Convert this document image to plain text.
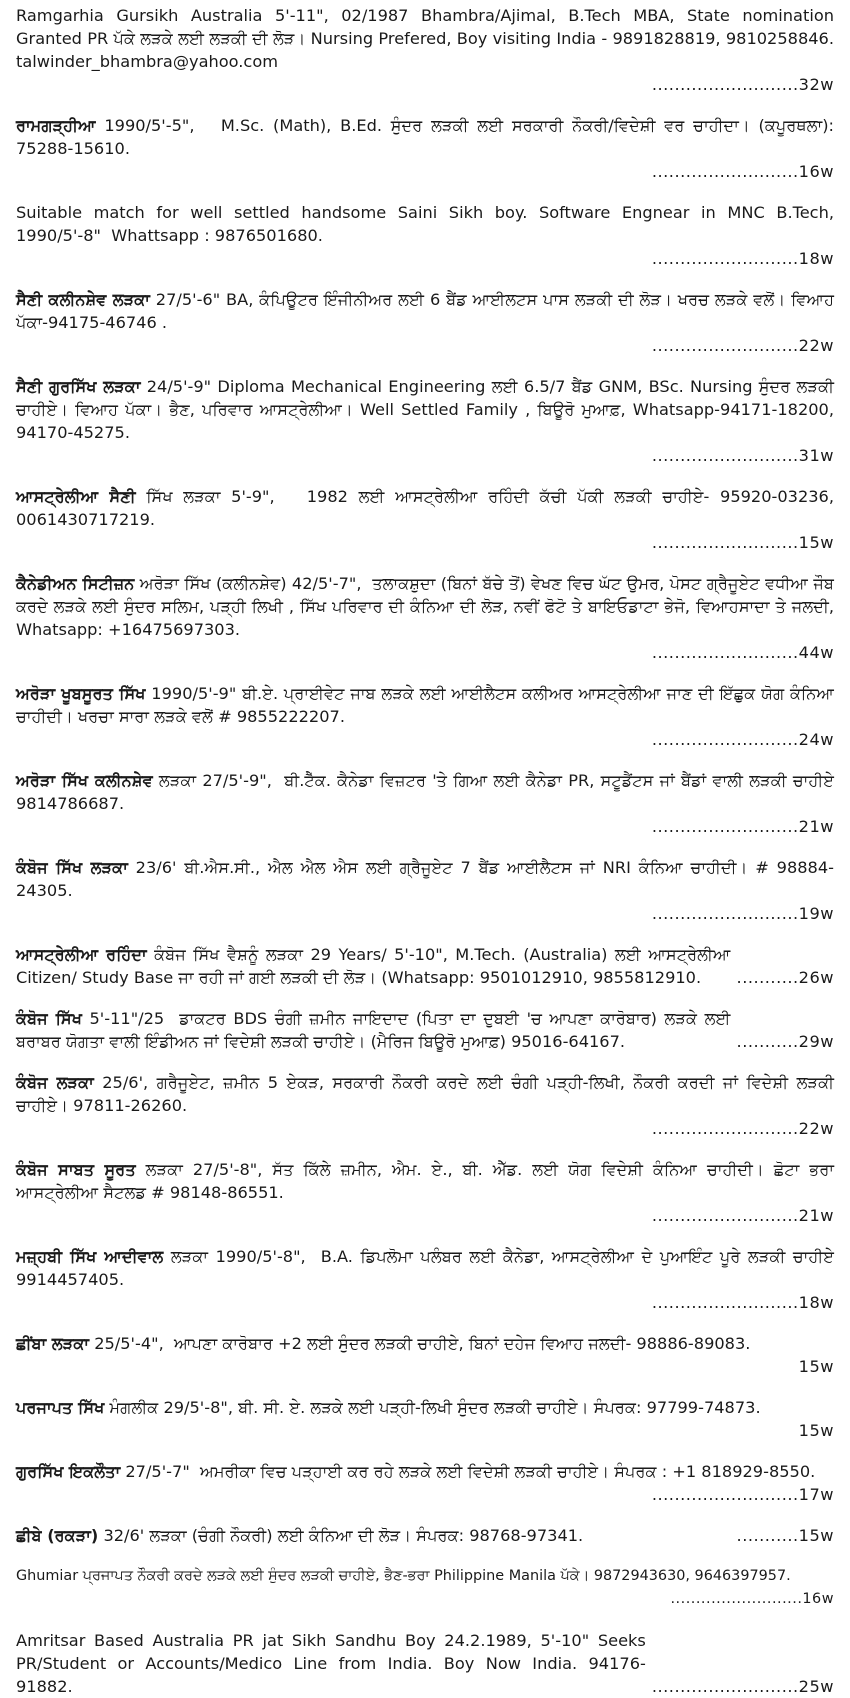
Ramgarhia Gursikh Australia 5'-11", 02/1987 Bhambra/Ajimal, B.Tech MBA, State nomination Granted PR ਪੱਕੇ ਲੜਕੇ ਲਈ ਲੜਕੀ ਦੀ ਲੋੜ। Nursing Prefered, Boy visiting India - 9891828819, 9810258846. talwinder_bhambra@yahoo.com
.......................... 32w
ਰਾਮਗੜ੍ਹੀਆ 1990/5'-5",   M.Sc. (Math), B.Ed. ਸੁੰਦਰ ਲੜਕੀ ਲਈ ਸਰਕਾਰੀ ਨੌਕਰੀ/ਵਿਦੇਸ਼ੀ ਵਰ ਚਾਹੀਦਾ। (ਕਪੂਰਥਲਾ): 75288-15610.
.......................... 16w
Suitable match for well settled handsome Saini Sikh boy. Software Engnear in MNC B.Tech, 1990/5'-8"  Whattsapp : 9876501680.
.......................... 18w
ਸੈਣੀ ਕਲੀਨਸ਼ੇਵ ਲੜਕਾ 27/5'-6" BA, ਕੰਪਿਊਟਰ ਇੰਜੀਨੀਅਰ ਲਈ 6 ਬੈਂਡ ਆਈਲਟਸ ਪਾਸ ਲੜਕੀ ਦੀ ਲੋੜ। ਖਰਚ ਲੜਕੇ ਵਲੋਂ। ਵਿਆਹ ਪੱਕਾ-94175-46746 .
.......................... 22w
ਸੈਣੀ ਗੁਰਸਿੱਖ ਲੜਕਾ 24/5'-9" Diploma Mechanical Engineering ਲਈ 6.5/7 ਬੈਂਡ GNM, BSc. Nursing ਸੁੰਦਰ ਲੜਕੀ ਚਾਹੀਏ। ਵਿਆਹ ਪੱਕਾ। ਭੈਣ, ਪਰਿਵਾਰ ਆਸਟ੍ਰੇਲੀਆ। Well Settled Family , ਬਿਊਰੋ ਮੁਆਫ਼, Whatsapp-94171-18200,  94170-45275.
.......................... 31w
ਆਸਟ੍ਰੇਲੀਆ ਸੈਣੀ ਸਿੱਖ ਲੜਕਾ 5'-9",   1982 ਲਈ ਆਸਟ੍ਰੇਲੀਆ ਰਹਿੰਦੀ ਕੱਚੀ ਪੱਕੀ ਲੜਕੀ ਚਾਹੀਏ- 95920-03236, 0061430717219.
.......................... 15w
ਕੈਨੇਡੀਅਨ ਸਿਟੀਜ਼ਨ ਅਰੋੜਾ ਸਿੱਖ (ਕਲੀਨਸ਼ੇਵ) 42/5'-7",  ਤਲਾਕਸ਼ੁਦਾ (ਬਿਨਾਂ ਬੱਚੇ ਤੋਂ) ਵੇਖਣ ਵਿਚ ਘੱਟ ਉਮਰ, ਪੋਸਟ ਗ੍ਰੈਜੂਏਟ ਵਧੀਆ ਜੌਬ ਕਰਦੇ ਲੜਕੇ ਲਈ ਸੁੰਦਰ ਸਲਿਮ, ਪੜ੍ਹੀ ਲਿਖੀ , ਸਿੱਖ ਪਰਿਵਾਰ ਦੀ ਕੰਨਿਆ ਦੀ ਲੋੜ, ਨਵੀਂ ਫੋਟੋ ਤੇ ਬਾਇਓਡਾਟਾ ਭੇਜੋ, ਵਿਆਹਸਾਦਾ ਤੇ ਜਲਦੀ, Whatsapp: +16475697303.
.......................... 44w
ਅਰੋੜਾ ਖੂਬਸੂਰਤ ਸਿੱਖ 1990/5'-9" ਬੀ.ਏ. ਪ੍ਰਾਈਵੇਟ ਜਾਬ ਲੜਕੇ ਲਈ ਆਈਲੈਟਸ ਕਲੀਅਰ ਆਸਟ੍ਰੇਲੀਆ ਜਾਣ ਦੀ ਇੱਛੁਕ ਯੋਗ ਕੰਨਿਆ ਚਾਹੀਦੀ। ਖਰਚਾ ਸਾਰਾ ਲੜਕੇ ਵਲੋਂ # 9855222207.
.......................... 24w
ਅਰੋੜਾ ਸਿੱਖ ਕਲੀਨਸ਼ੇਵ ਲੜਕਾ 27/5'-9",  ਬੀ.ਟੈੱਕ. ਕੈਨੇਡਾ ਵਿਜ਼ਟਰ 'ਤੇ ਗਿਆ ਲਈ ਕੈਨੇਡਾ PR, ਸਟੂਡੈਂਟਸ ਜਾਂ ਬੈਂਡਾਂ ਵਾਲੀ ਲੜਕੀ ਚਾਹੀਏ 9814786687.
.......................... 21w
ਕੰਬੋਜ ਸਿੱਖ ਲੜਕਾ 23/6' ਬੀ.ਐਸ.ਸੀ., ਐਲ ਐਲ ਐਸ ਲਈ ਗ੍ਰੈਜੂਏਟ 7 ਬੈਂਡ ਆਈਲੈਟਸ ਜਾਂ NRI ਕੰਨਿਆ ਚਾਹੀਦੀ। # 98884-24305.
.......................... 19w
ਆਸਟ੍ਰੇਲੀਆ ਰਹਿੰਦਾ ਕੰਬੋਜ ਸਿੱਖ ਵੈਸ਼ਨੂੰ ਲੜਕਾ 29 Years/ 5'-10", M.Tech. (Australia) ਲਈ ਆਸਟ੍ਰੇਲੀਆ Citizen/ Study Base ਜਾ ਰਹੀ ਜਾਂ ਗਈ ਲੜਕੀ ਦੀ ਲੋੜ। (Whatsapp: 9501012910, 9855812910.	...........26w
ਕੰਬੋਜ ਸਿੱਖ 5'-11"/25  ਡਾਕਟਰ BDS ਚੰਗੀ ਜ਼ਮੀਨ ਜਾਇਦਾਦ (ਪਿਤਾ ਦਾ ਦੁਬਈ 'ਚ ਆਪਣਾ ਕਾਰੋਬਾਰ) ਲੜਕੇ ਲਈ ਬਰਾਬਰ ਯੋਗਤਾ ਵਾਲੀ ਇੰਡੀਅਨ ਜਾਂ ਵਿਦੇਸ਼ੀ ਲੜਕੀ ਚਾਹੀਏ। (ਮੈਰਿਜ ਬਿਊਰੋ ਮੁਆਫ਼) 95016-64167.	...........29w
ਕੰਬੋਜ ਲੜਕਾ 25/6', ਗਰੈਜੂਏਟ, ਜ਼ਮੀਨ 5 ਏਕੜ, ਸਰਕਾਰੀ ਨੌਕਰੀ ਕਰਦੇ ਲਈ ਚੰਗੀ ਪੜ੍ਹੀ-ਲਿਖੀ, ਨੌਕਰੀ ਕਰਦੀ ਜਾਂ ਵਿਦੇਸ਼ੀ ਲੜਕੀ ਚਾਹੀਏ। 97811-26260.
.......................... 22w
ਕੰਬੋਜ ਸਾਬਤ ਸੂਰਤ ਲੜਕਾ 27/5'-8", ਸੱਤ ਕਿੱਲੇ ਜ਼ਮੀਨ, ਐਮ. ਏ., ਬੀ. ਐੱਡ. ਲਈ ਯੋਗ ਵਿਦੇਸ਼ੀ ਕੰਨਿਆ ਚਾਹੀਦੀ। ਛੋਟਾ ਭਰਾ ਆਸਟ੍ਰੇਲੀਆ ਸੈਟਲਡ # 98148-86551.
.......................... 21w
ਮਜ਼੍ਹਬੀ ਸਿੱਖ ਆਦੀਵਾਲ ਲੜਕਾ 1990/5'-8",  B.A. ਡਿਪਲੋਮਾ ਪਲੰਬਰ ਲਈ ਕੈਨੇਡਾ, ਆਸਟ੍ਰੇਲੀਆ ਦੇ ਪੁਆਇੰਟ ਪੂਰੇ ਲੜਕੀ ਚਾਹੀਏ 9914457405.
.......................... 18w
ਛੀਂਬਾ ਲੜਕਾ 25/5'-4",  ਆਪਣਾ ਕਾਰੋਬਾਰ +2 ਲਈ ਸੁੰਦਰ ਲੜਕੀ ਚਾਹੀਏ, ਬਿਨਾਂ ਦਹੇਜ ਵਿਆਹ ਜਲਦੀ- 98886-89083.
15w
ਪਰਜਾਪਤ ਸਿੱਖ ਮੰਗਲੀਕ 29/5'-8", ਬੀ. ਸੀ. ਏ. ਲੜਕੇ ਲਈ ਪੜ੍ਹੀ-ਲਿਖੀ ਸੁੰਦਰ ਲੜਕੀ ਚਾਹੀਏ। ਸੰਪਰਕ: 97799-74873.
15w
ਗੁਰਸਿੱਖ ਇਕਲੌਤਾ 27/5'-7"  ਅਮਰੀਕਾ ਵਿਚ ਪੜ੍ਹਾਈ ਕਰ ਰਹੇ ਲੜਕੇ ਲਈ ਵਿਦੇਸ਼ੀ ਲੜਕੀ ਚਾਹੀਏ। ਸੰਪਰਕ : +1 818929-8550.
.......................... 17w
ਛੀਬੇ (ਰਕੜਾ) 32/6' ਲੜਕਾ (ਚੰਗੀ ਨੌਕਰੀ) ਲਈ ਕੰਨਿਆ ਦੀ ਲੋੜ। ਸੰਪਰਕ: 98768-97341.	...........15w
Ghumiar ਪ੍ਰਜਾਪਤ ਨੌਕਰੀ ਕਰਦੇ ਲੜਕੇ ਲਈ ਸੁੰਦਰ ਲੜਕੀ ਚਾਹੀਏ, ਭੈਣ-ਭਰਾ Philippine Manila ਪੱਕੇ। 9872943630, 9646397957.
.......................... 16w
Amritsar Based Australia PR jat Sikh Sandhu Boy 24.2.1989, 5'-10" Seeks PR/Student or Accounts/Medico Line from India. Boy Now India. 94176-91882.	..........................25w
